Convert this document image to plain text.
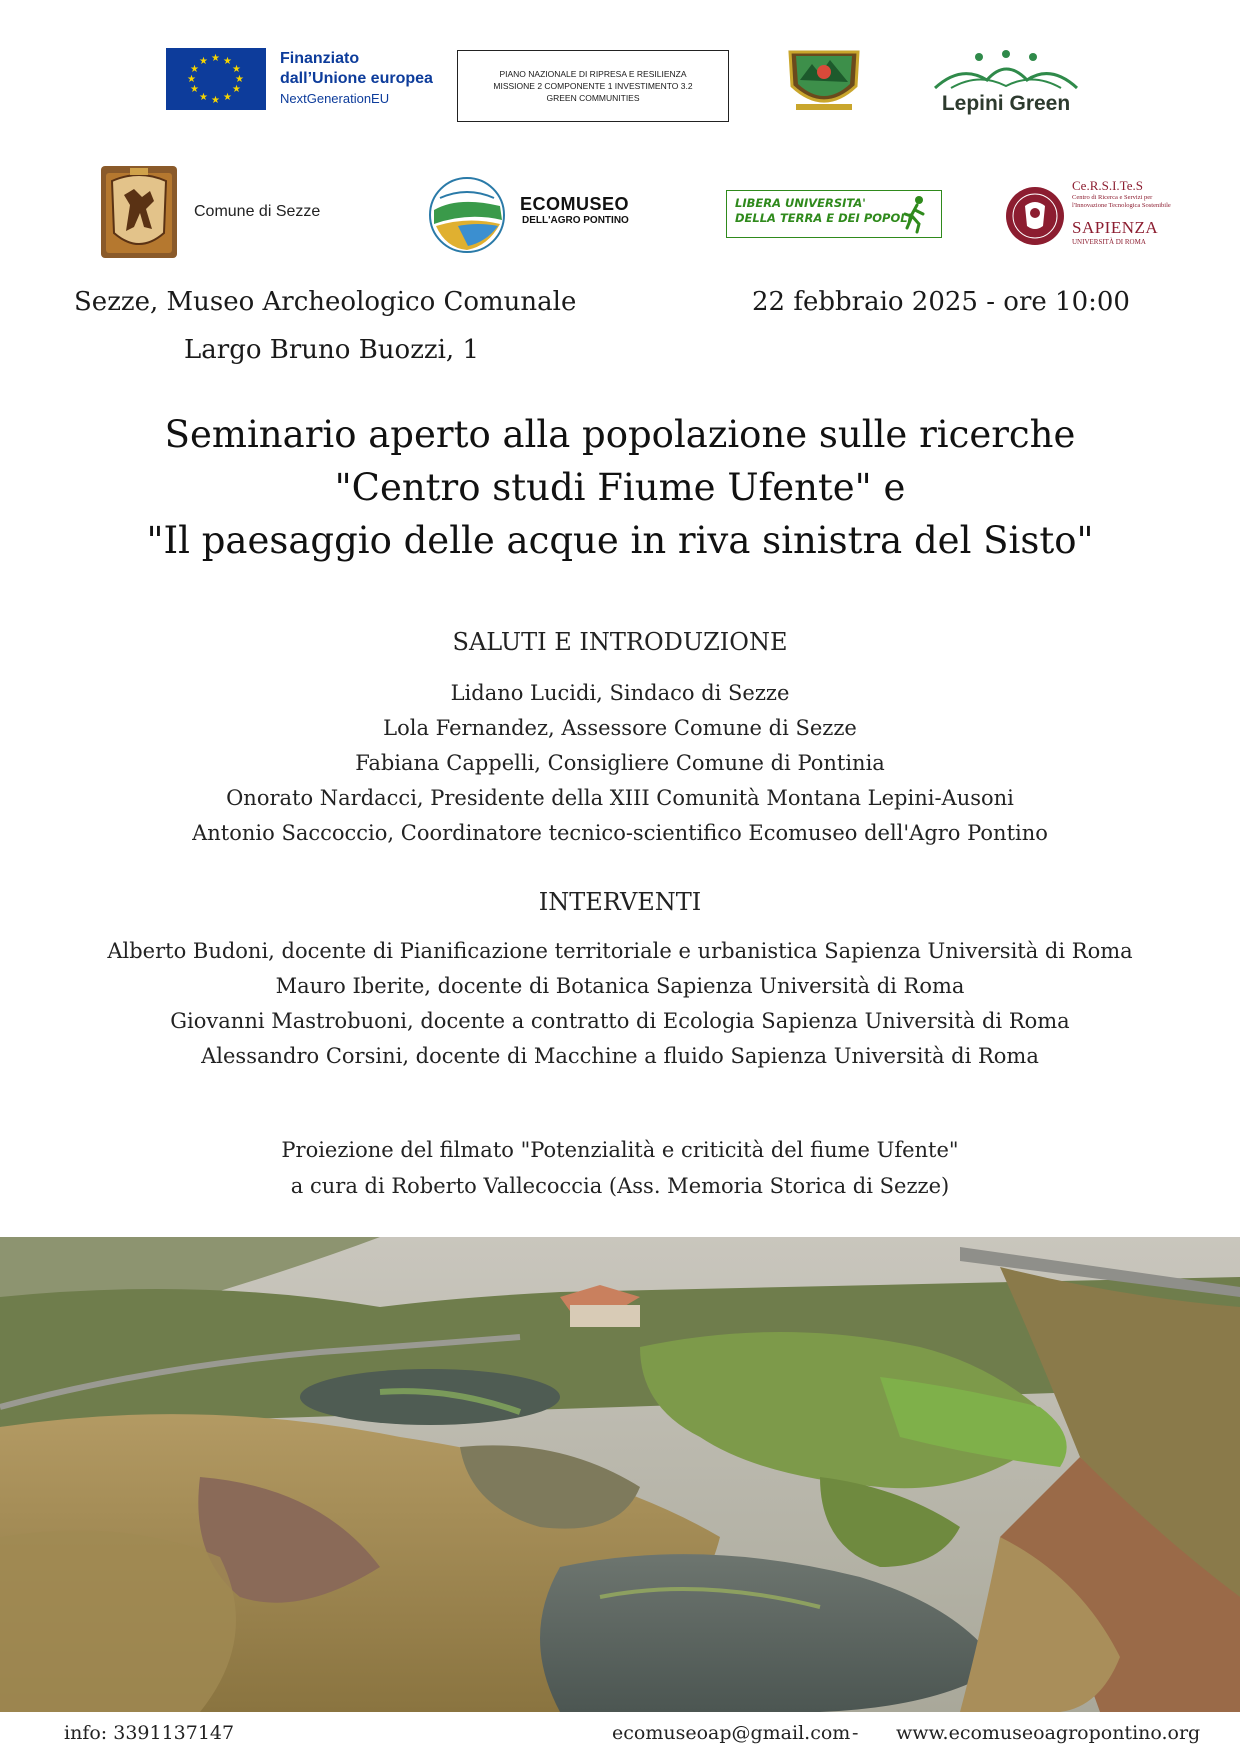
★ ★
★
★
★
★
★
★
★
★
★
★	Finanziato
dall’Unione europea
NextGenerationEU
PIANO NAZIONALE DI RIPRESA E RESILIENZA
MISSIONE 2 COMPONENTE 1 INVESTIMENTO 3.2
GREEN COMMUNITIES	Lepini Green
Comune di Sezze	ECOMUSEO
DELL'AGRO PONTINO
LIBERA UNIVERSITA'
DELLA TERRA E DEI POPOLI
Ce.R.S.I.Te.S
Centro di Ricerca e Servizi per
l'Innovazione Tecnologica Sostenibile
SAPIENZA
UNIVERSITÀ DI ROMA
Sezze, Museo Archeologico Comunale
Largo Bruno Buozzi, 1
22 febbraio 2025 - ore 10:00
Seminario aperto alla popolazione sulle ricerche
"Centro studi Fiume Ufente" e
"Il paesaggio delle acque in riva sinistra del Sisto"
SALUTI E INTRODUZIONE
Lidano Lucidi, Sindaco di Sezze
Lola Fernandez, Assessore Comune di Sezze
Fabiana Cappelli, Consigliere Comune di Pontinia
Onorato Nardacci, Presidente della XIII Comunità Montana Lepini-Ausoni
Antonio Saccoccio, Coordinatore tecnico-scientifico Ecomuseo dell'Agro Pontino
INTERVENTI
Alberto Budoni, docente di Pianificazione territoriale e urbanistica Sapienza Università di Roma
Mauro Iberite, docente di Botanica Sapienza Università di Roma
Giovanni Mastrobuoni, docente a contratto di Ecologia Sapienza Università di Roma
Alessandro Corsini, docente di Macchine a fluido Sapienza Università di Roma
Proiezione del filmato "Potenzialità e criticità del fiume Ufente"
a cura di Roberto Vallecoccia (Ass. Memoria Storica di Sezze)
info: 3391137147	ecomuseoap@gmail.com - www.ecomuseoagropontino.org
